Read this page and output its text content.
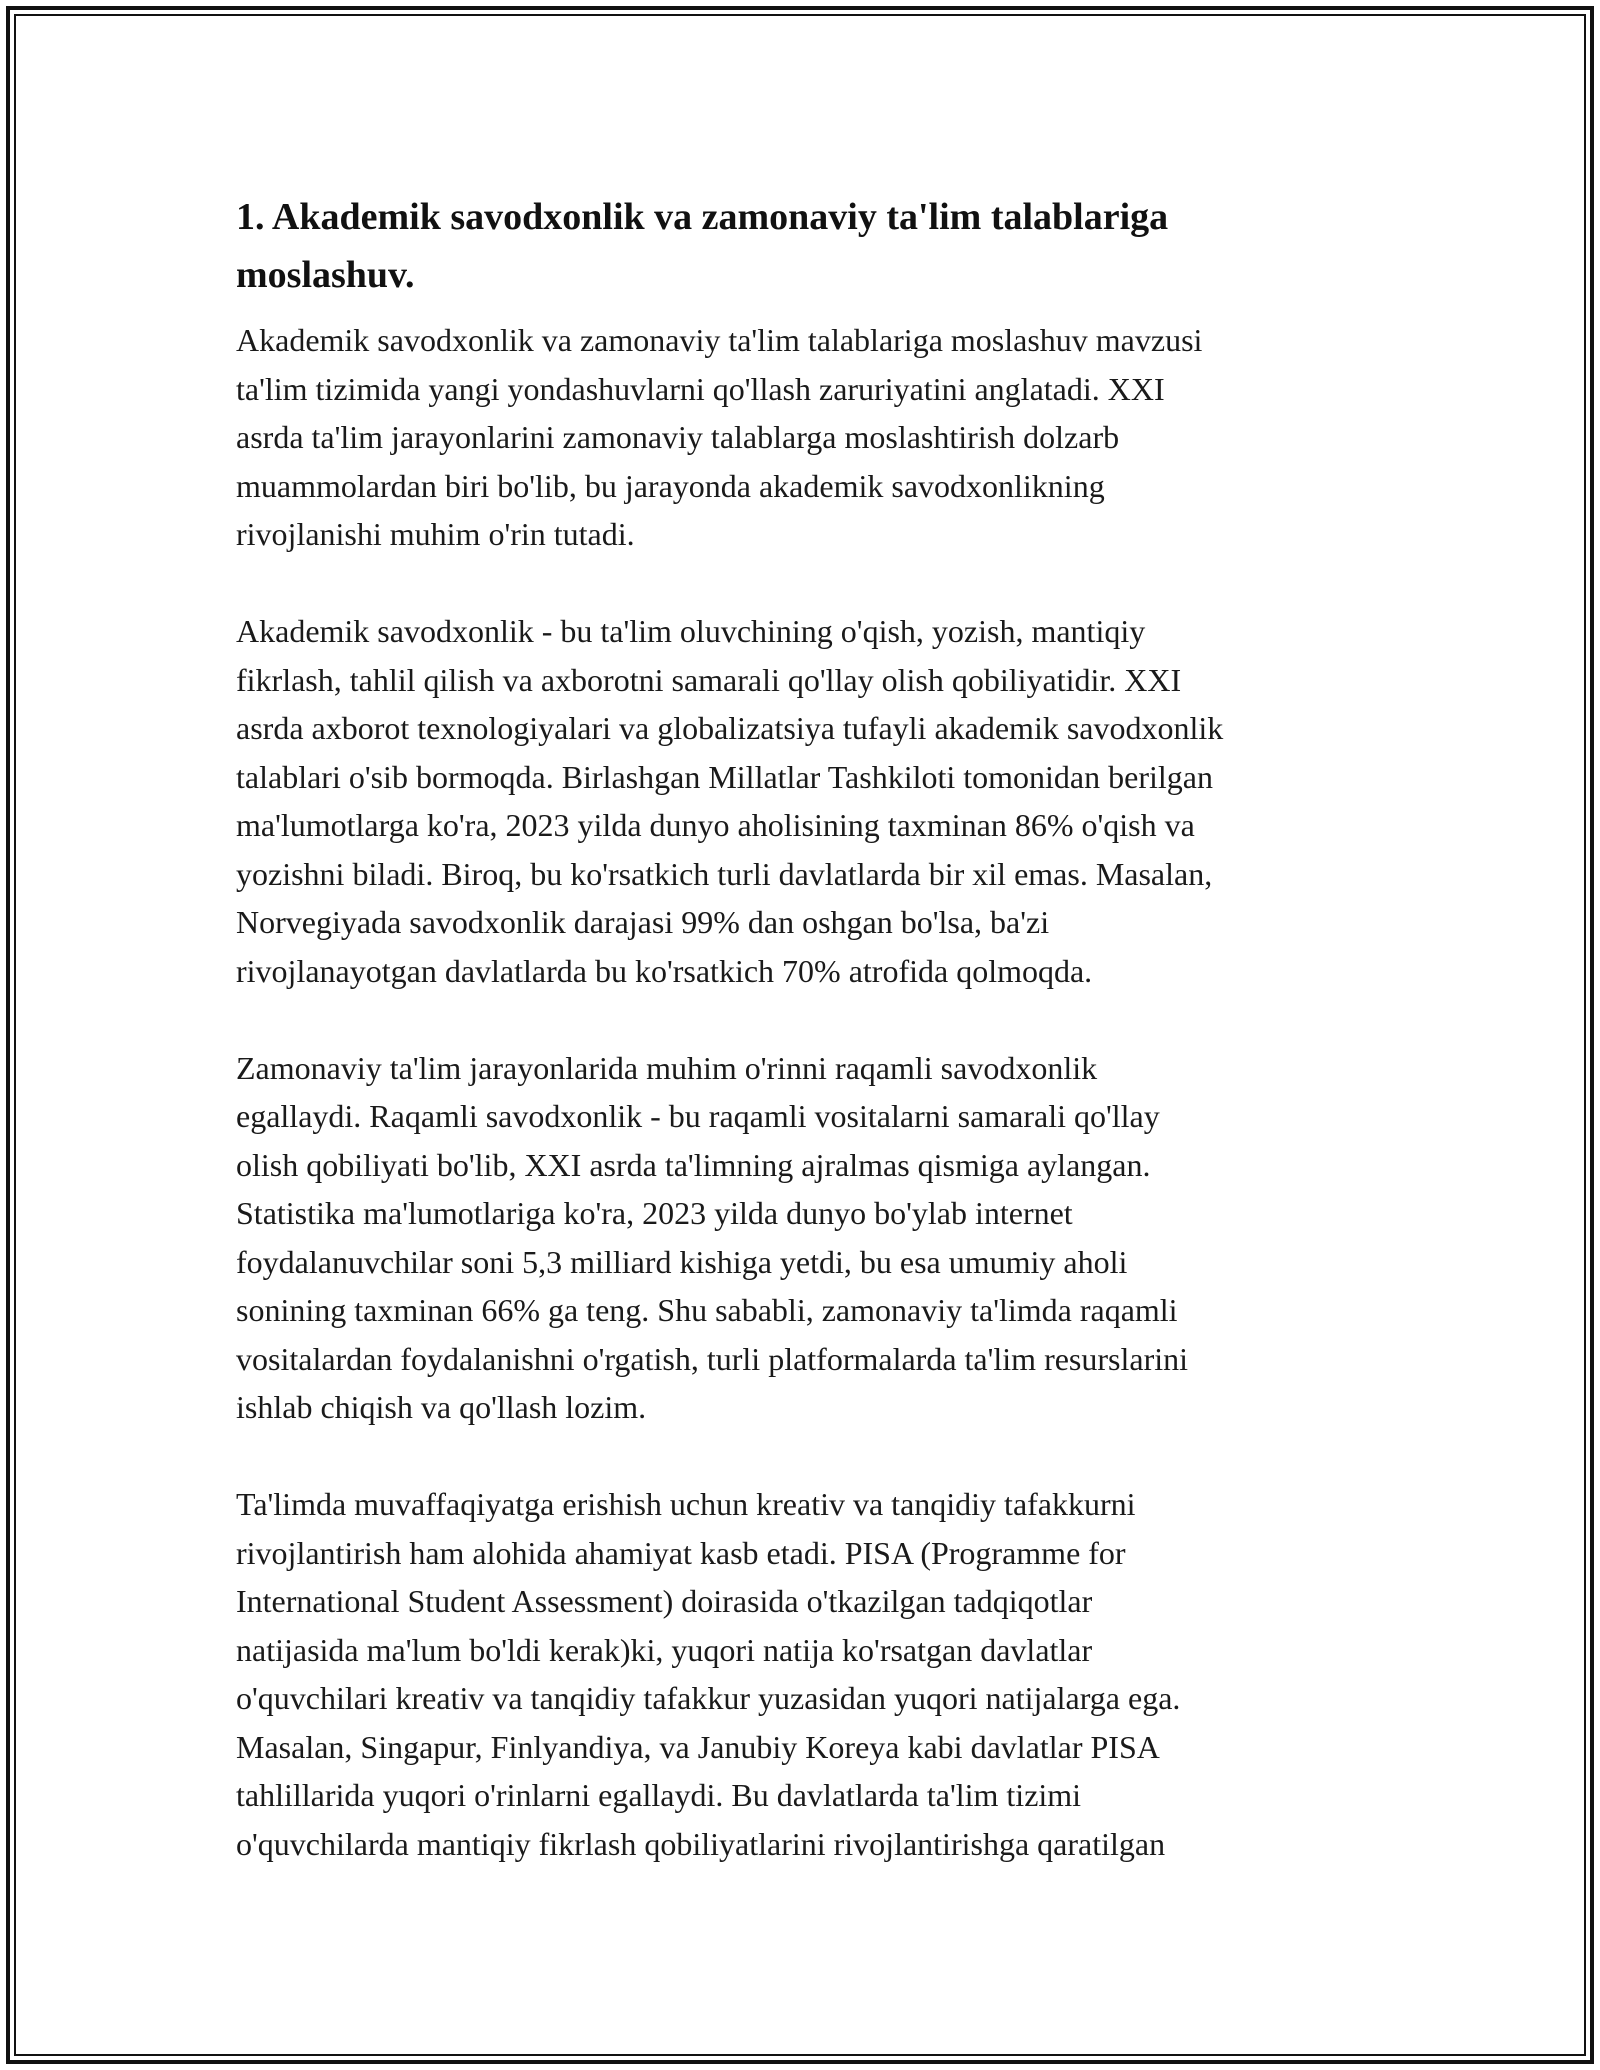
1. Akademik savodxonlik va zamonaviy ta'lim talablariga
moslashuv.

Akademik savodxonlik va zamonaviy ta'lim talablariga moslashuv mavzusi
ta'lim tizimida yangi yondashuvlarni qo'llash zaruriyatini anglatadi. XXI
asrda ta'lim jarayonlarini zamonaviy talablarga moslashtirish dolzarb
muammolardan biri bo'lib, bu jarayonda akademik savodxonlikning
rivojlanishi muhim o'rin tutadi.

Akademik savodxonlik - bu ta'lim oluvchining o'qish, yozish, mantiqiy
fikrlash, tahlil qilish va axborotni samarali qo'llay olish qobiliyatidir. XXI
asrda axborot texnologiyalari va globalizatsiya tufayli akademik savodxonlik
talablari o'sib bormoqda. Birlashgan Millatlar Tashkiloti tomonidan berilgan
ma'lumotlarga ko'ra, 2023 yilda dunyo aholisining taxminan 86% o'qish va
yozishni biladi. Biroq, bu ko'rsatkich turli davlatlarda bir xil emas. Masalan,
Norvegiyada savodxonlik darajasi 99% dan oshgan bo'lsa, ba'zi
rivojlanayotgan davlatlarda bu ko'rsatkich 70% atrofida qolmoqda.

Zamonaviy ta'lim jarayonlarida muhim o'rinni raqamli savodxonlik
egallaydi. Raqamli savodxonlik - bu raqamli vositalarni samarali qo'llay
olish qobiliyati bo'lib, XXI asrda ta'limning ajralmas qismiga aylangan.
Statistika ma'lumotlariga ko'ra, 2023 yilda dunyo bo'ylab internet
foydalanuvchilar soni 5,3 milliard kishiga yetdi, bu esa umumiy aholi
sonining taxminan 66% ga teng. Shu sababli, zamonaviy ta'limda raqamli
vositalardan foydalanishni o'rgatish, turli platformalarda ta'lim resurslarini
ishlab chiqish va qo'llash lozim.

Ta'limda muvaffaqiyatga erishish uchun kreativ va tanqidiy tafakkurni
rivojlantirish ham alohida ahamiyat kasb etadi. PISA (Programme for
International Student Assessment) doirasida o'tkazilgan tadqiqotlar
natijasida ma'lum bo'ldi kerak)ki, yuqori natija ko'rsatgan davlatlar
o'quvchilari kreativ va tanqidiy tafakkur yuzasidan yuqori natijalarga ega.
Masalan, Singapur, Finlyandiya, va Janubiy Koreya kabi davlatlar PISA
tahlillarida yuqori o'rinlarni egallaydi. Bu davlatlarda ta'lim tizimi
o'quvchilarda mantiqiy fikrlash qobiliyatlarini rivojlantirishga qaratilgan
